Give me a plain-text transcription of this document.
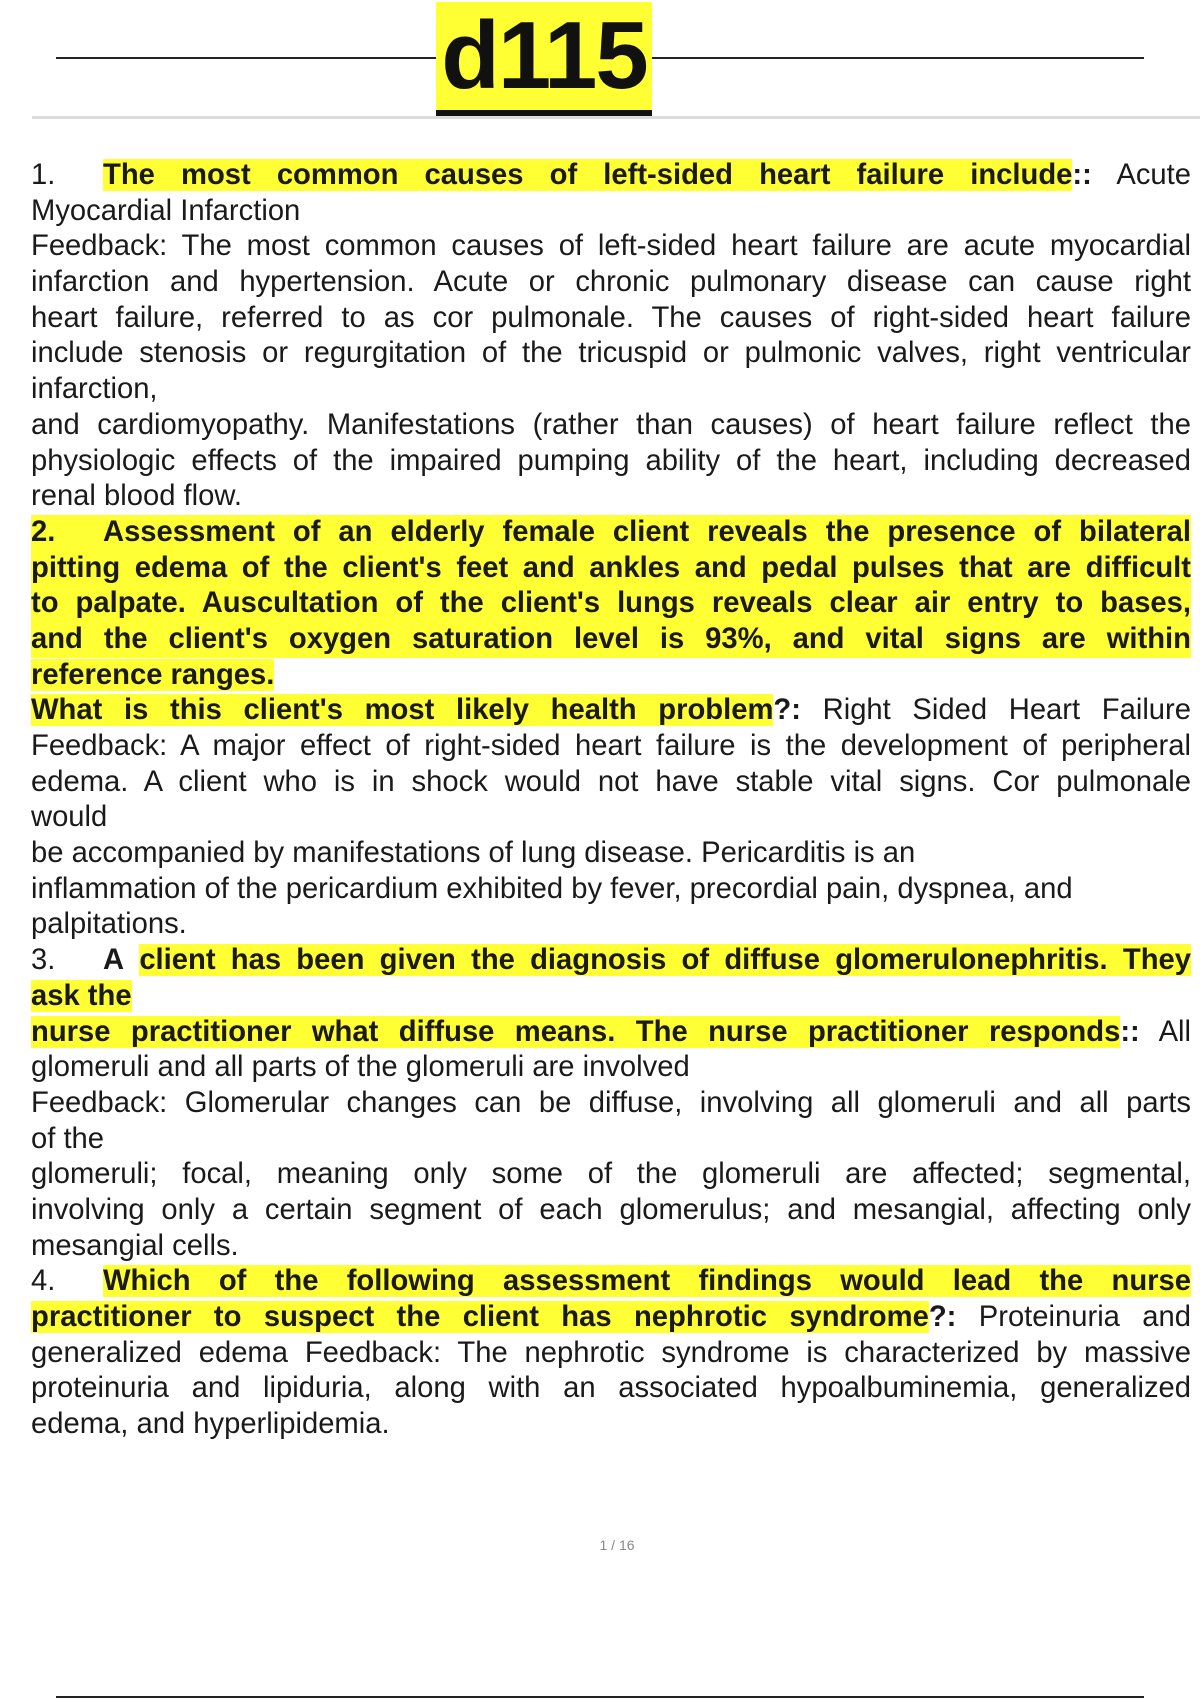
d115
1. The most common causes of left-sided heart failure include:: Acute
Myocardial Infarction
Feedback: The most common causes of left-sided heart failure are acute myocardial
infarction and hypertension. Acute or chronic pulmonary disease can cause right
heart failure, referred to as cor pulmonale. The causes of right-sided heart failure
include stenosis or regurgitation of the tricuspid or pulmonic valves, right ventricular
infarction,
and cardiomyopathy. Manifestations (rather than causes) of heart failure reflect the
physiologic effects of the impaired pumping ability of the heart, including decreased
renal blood flow.
2. Assessment of an elderly female client reveals the presence of bilateral
pitting edema of the client's feet and ankles and pedal pulses that are difficult
to palpate. Auscultation of the client's lungs reveals clear air entry to bases,
and the client's oxygen saturation level is 93%, and vital signs are within
reference ranges.
What is this client's most likely health problem?: Right Sided Heart Failure
Feedback: A major effect of right-sided heart failure is the development of peripheral
edema. A client who is in shock would not have stable vital signs. Cor pulmonale
would
be accompanied by manifestations of lung disease. Pericarditis is an
inflammation of the pericardium exhibited by fever, precordial pain, dyspnea, and
palpitations.
3. A client has been given the diagnosis of diffuse glomerulonephritis. They
ask the
nurse practitioner what diffuse means. The nurse practitioner responds:: All
glomeruli and all parts of the glomeruli are involved
Feedback: Glomerular changes can be diffuse, involving all glomeruli and all parts
of the
glomeruli; focal, meaning only some of the glomeruli are affected; segmental,
involving only a certain segment of each glomerulus; and mesangial, affecting only
mesangial cells.
4. Which of the following assessment findings would lead the nurse
practitioner to suspect the client has nephrotic syndrome?: Proteinuria and
generalized edema Feedback: The nephrotic syndrome is characterized by massive
proteinuria and lipiduria, along with an associated hypoalbuminemia, generalized
edema, and hyperlipidemia.
1 / 16
